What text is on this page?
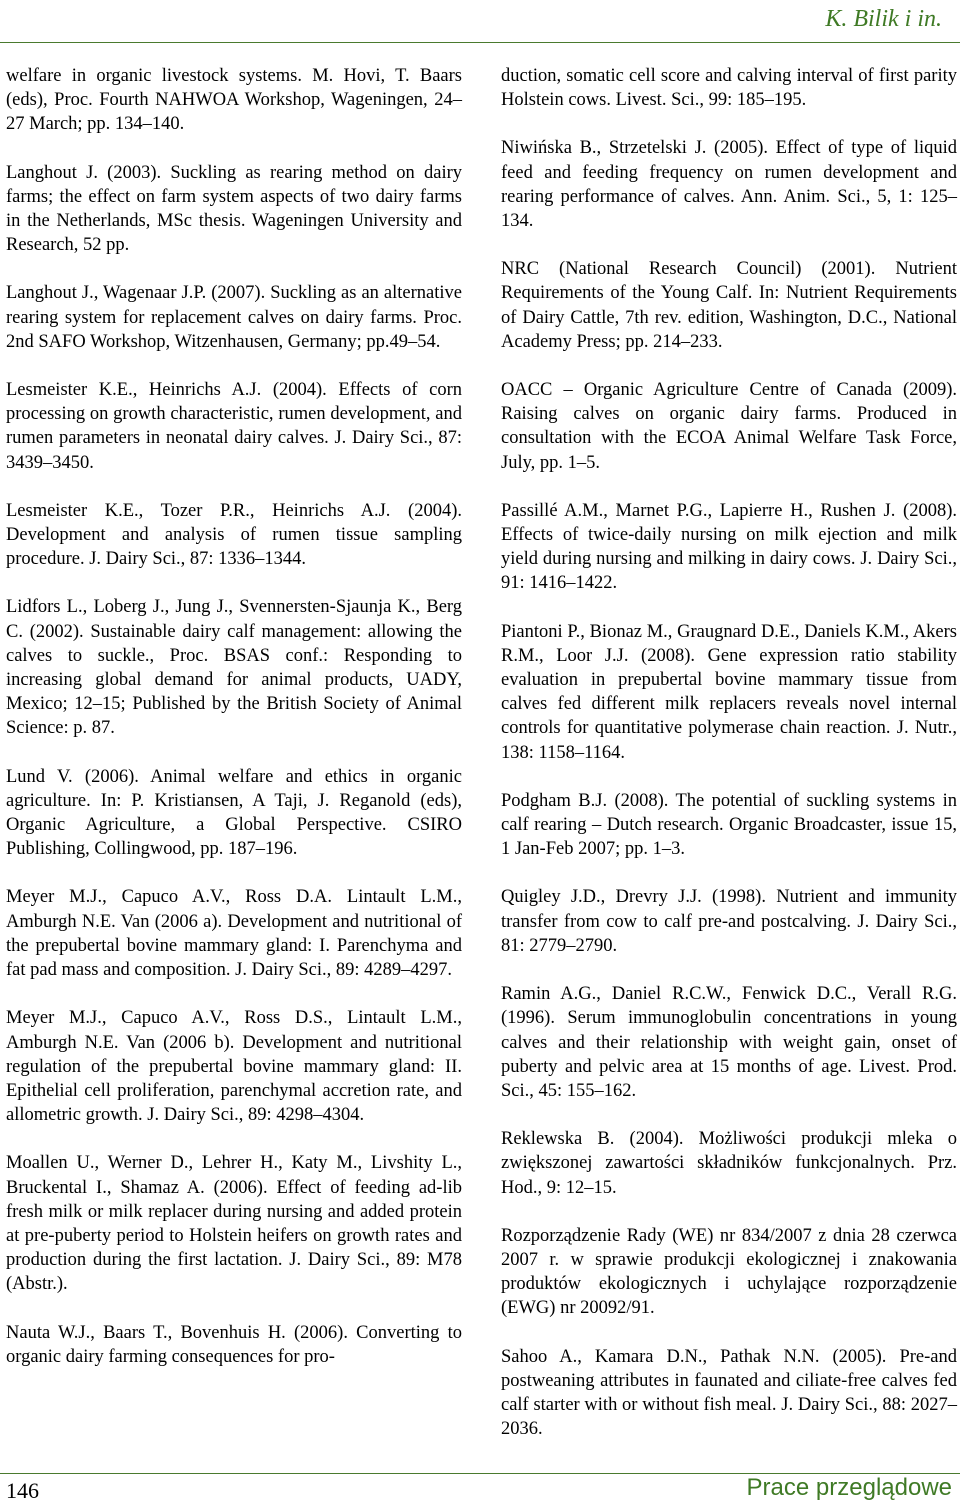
K. Bilik i in.

welfare in organic livestock systems. M. Hovi, T. Baars (eds), Proc. Fourth NAHWOA Workshop, Wageningen, 24–27 March; pp. 134–140.

Langhout J. (2003). Suckling as rearing method on dairy farms; the effect on farm system aspects of two dairy farms in the Netherlands, MSc thesis. Wageningen University and Research, 52 pp.

Langhout J., Wagenaar J.P. (2007). Suckling as an alternative rearing system for replacement calves on dairy farms. Proc. 2nd SAFO Workshop, Witzenhausen, Germany; pp.49–54.

Lesmeister K.E., Heinrichs A.J. (2004). Effects of corn processing on growth characteristic, rumen development, and rumen parameters in neonatal dairy calves. J. Dairy Sci., 87: 3439–3450.

Lesmeister K.E., Tozer P.R., Heinrichs A.J. (2004). Development and analysis of rumen tissue sampling procedure. J. Dairy Sci., 87: 1336–1344.

Lidfors L., Loberg J., Jung J., Svennersten-Sjaunja K., Berg C. (2002). Sustainable dairy calf management: allowing the calves to suckle., Proc. BSAS conf.: Responding to increasing global demand for animal products, UADY, Mexico; 12–15; Published by the British Society of Animal Science: p. 87.

Lund V. (2006). Animal welfare and ethics in organic agriculture. In: P. Kristiansen, A Taji, J. Reganold (eds), Organic Agriculture, a Global Perspective. CSIRO Publishing, Collingwood, pp. 187–196.

Meyer M.J., Capuco A.V., Ross D.A. Lintault L.M., Amburgh N.E. Van (2006 a). Development and nutritional of the prepubertal bovine mammary gland: I. Parenchyma and fat pad mass and composition. J. Dairy Sci., 89: 4289–4297.

Meyer M.J., Capuco A.V., Ross D.S., Lintault L.M., Amburgh N.E. Van (2006 b). Development and nutritional regulation of the prepubertal bovine mammary gland: II. Epithelial cell proliferation, parenchymal accretion rate, and allometric growth. J. Dairy Sci., 89: 4298–4304.

Moallen U., Werner D., Lehrer H., Katy M., Livshity L., Bruckental I., Shamaz A. (2006). Effect of feeding ad-lib fresh milk or milk replacer during nursing and added protein at pre-puberty period to Holstein heifers on growth rates and production during the first lactation. J. Dairy Sci., 89: M78 (Abstr.).

Nauta W.J., Baars T., Bovenhuis H. (2006). Converting to organic dairy farming consequences for pro-

duction, somatic cell score and calving interval of first parity Holstein cows. Livest. Sci., 99: 185–195.

Niwińska B., Strzetelski J. (2005). Effect of type of liquid feed and feeding frequency on rumen development and rearing performance of calves. Ann. Anim. Sci., 5, 1: 125–134.

NRC (National Research Council) (2001). Nutrient Requirements of the Young Calf. In: Nutrient Requirements of Dairy Cattle, 7th rev. edition, Washington, D.C., National Academy Press; pp. 214–233.

OACC – Organic Agriculture Centre of Canada (2009). Raising calves on organic dairy farms. Produced in consultation with the ECOA Animal Welfare Task Force, July, pp. 1–5.

Passillé A.M., Marnet P.G., Lapierre H., Rushen J. (2008). Effects of twice-daily nursing on milk ejection and milk yield during nursing and milking in dairy cows. J. Dairy Sci., 91: 1416–1422.

Piantoni P., Bionaz M., Graugnard D.E., Daniels K.M., Akers R.M., Loor J.J. (2008). Gene expression ratio stability evaluation in prepubertal bovine mammary tissue from calves fed different milk replacers reveals novel internal controls for quantitative polymerase chain reaction. J. Nutr., 138: 1158–1164.

Podgham B.J. (2008). The potential of suckling systems in calf rearing – Dutch research. Organic Broadcaster, issue 15, 1 Jan-Feb 2007; pp. 1–3.

Quigley J.D., Drevry J.J. (1998). Nutrient and immunity transfer from cow to calf pre-and postcalving. J. Dairy Sci., 81: 2779–2790.

Ramin A.G., Daniel R.C.W., Fenwick D.C., Verall R.G. (1996). Serum immunoglobulin concentrations in young calves and their relationship with weight gain, onset of puberty and pelvic area at 15 months of age. Livest. Prod. Sci., 45: 155–162.

Reklewska B. (2004). Możliwości produkcji mleka o zwiększonej zawartości składników funkcjonalnych. Prz. Hod., 9: 12–15.

Rozporządzenie Rady (WE) nr 834/2007 z dnia 28 czerwca 2007 r. w sprawie produkcji ekologicznej i znakowania produktów ekologicznych i uchylające rozporządzenie (EWG) nr 20092/91.

Sahoo A., Kamara D.N., Pathak N.N. (2005). Pre-and postweaning attributes in faunated and ciliate-free calves fed calf starter with or without fish meal. J. Dairy Sci., 88: 2027–2036.

146	Prace przeglądowe
